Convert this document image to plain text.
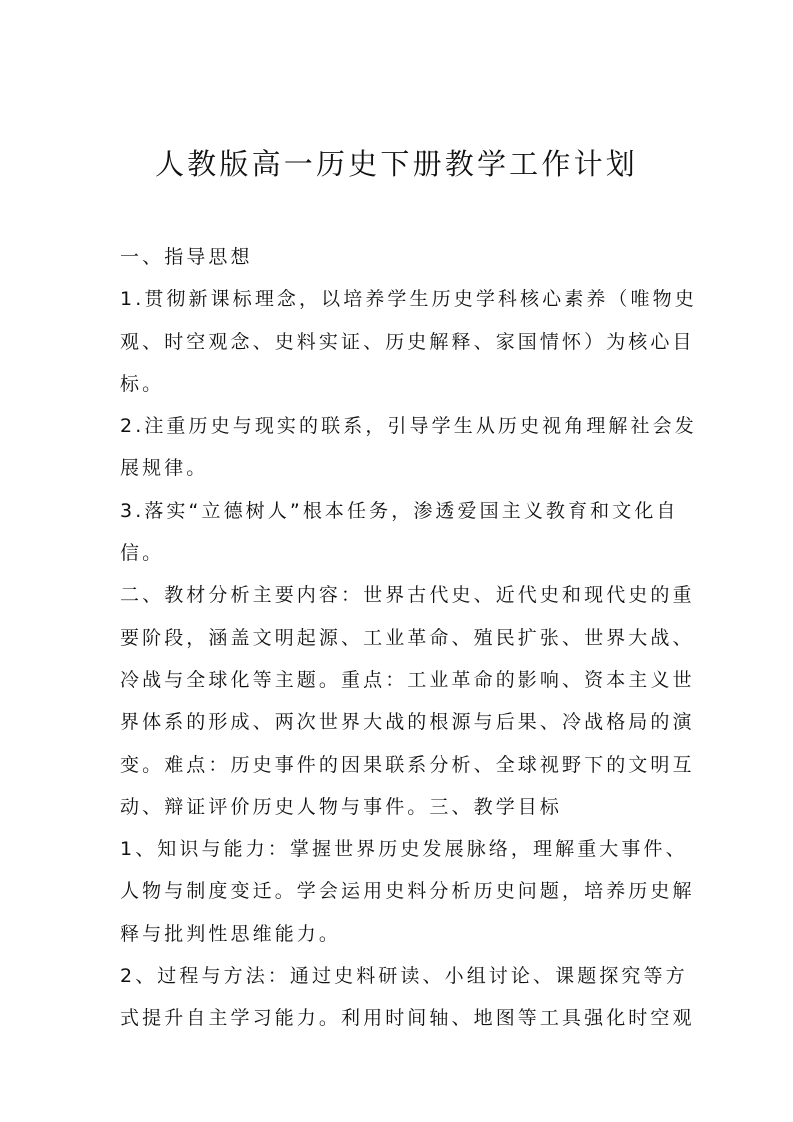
人教版高一历史下册教学工作计划
一、指导思想
1.贯彻新课标理念，以培养学生历史学科核心素养（唯物史
观、时空观念、史料实证、历史解释、家国情怀）为核心目
标。
2.注重历史与现实的联系，引导学生从历史视角理解社会发
展规律。
3.落实“立德树人”根本任务，渗透爱国主义教育和文化自
信。
二、教材分析主要内容：世界古代史、近代史和现代史的重
要阶段，涵盖文明起源、工业革命、殖民扩张、世界大战、
冷战与全球化等主题。重点：工业革命的影响、资本主义世
界体系的形成、两次世界大战的根源与后果、冷战格局的演
变。难点：历史事件的因果联系分析、全球视野下的文明互
动、辩证评价历史人物与事件。三、教学目标
1、知识与能力：掌握世界历史发展脉络，理解重大事件、
人物与制度变迁。学会运用史料分析历史问题，培养历史解
释与批判性思维能力。
2、过程与方法：通过史料研读、小组讨论、课题探究等方
式提升自主学习能力。利用时间轴、地图等工具强化时空观
